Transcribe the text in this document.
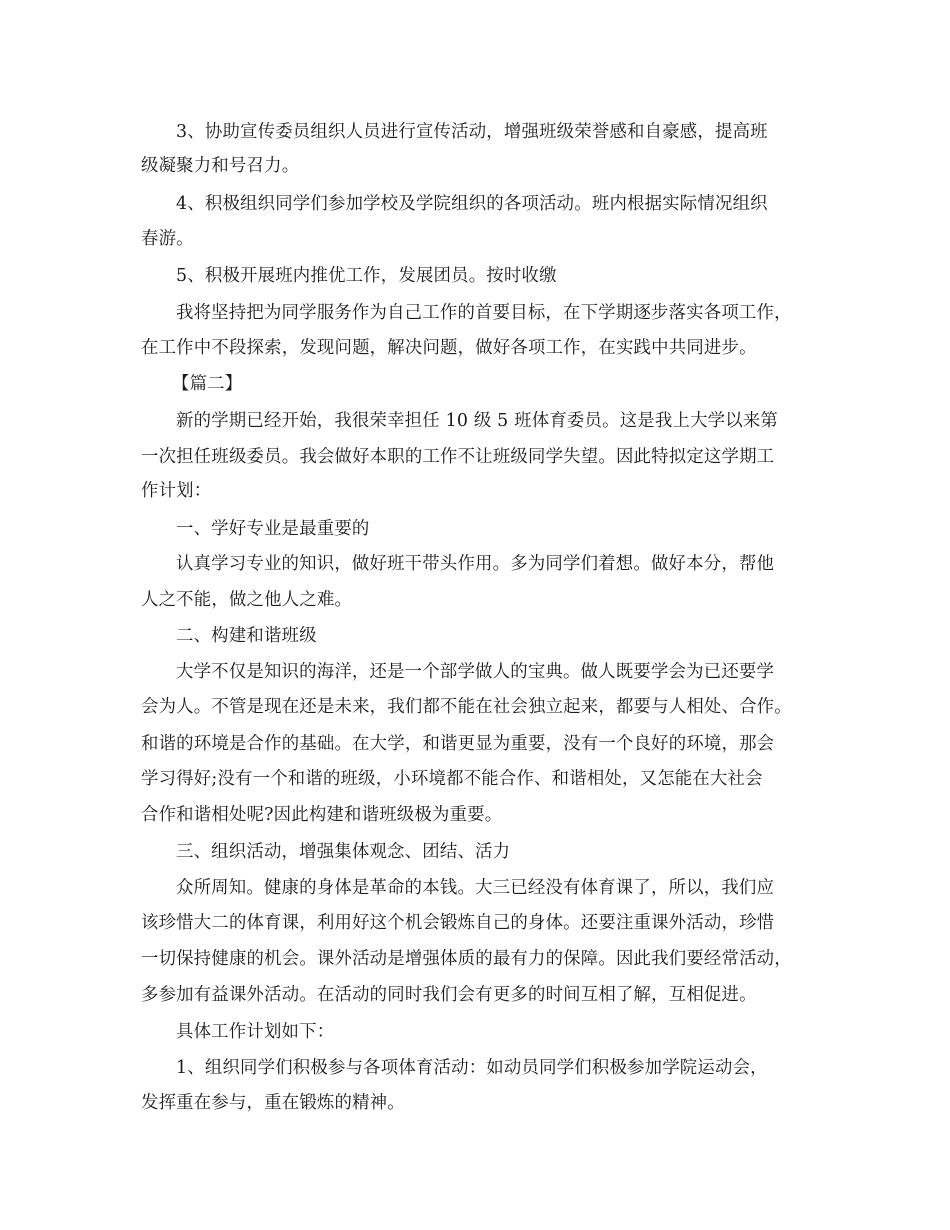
3、协助宣传委员组织人员进行宣传活动，增强班级荣誉感和自豪感，提高班
级凝聚力和号召力。
4、积极组织同学们参加学校及学院组织的各项活动。班内根据实际情况组织
春游。
5、积极开展班内推优工作，发展团员。按时收缴
我将坚持把为同学服务作为自己工作的首要目标，在下学期逐步落实各项工作，
在工作中不段探索，发现问题，解决问题，做好各项工作，在实践中共同进步。
【篇二】
新的学期已经开始，我很荣幸担任 10 级 5 班体育委员。这是我上大学以来第
一次担任班级委员。我会做好本职的工作不让班级同学失望。因此特拟定这学期工
作计划：
一、学好专业是最重要的
认真学习专业的知识，做好班干带头作用。多为同学们着想。做好本分，帮他
人之不能，做之他人之难。
二、构建和谐班级
大学不仅是知识的海洋，还是一个部学做人的宝典。做人既要学会为已还要学
会为人。不管是现在还是未来，我们都不能在社会独立起来，都要与人相处、合作。
和谐的环境是合作的基础。在大学，和谐更显为重要，没有一个良好的环境，那会
学习得好;没有一个和谐的班级，小环境都不能合作、和谐相处，又怎能在大社会
合作和谐相处呢?因此构建和谐班级极为重要。
三、组织活动，增强集体观念、团结、活力
众所周知。健康的身体是革命的本钱。大三已经没有体育课了，所以，我们应
该珍惜大二的体育课，利用好这个机会锻炼自己的身体。还要注重课外活动，珍惜
一切保持健康的机会。课外活动是增强体质的最有力的保障。因此我们要经常活动，
多参加有益课外活动。在活动的同时我们会有更多的时间互相了解，互相促进。
具体工作计划如下：
1、组织同学们积极参与各项体育活动：如动员同学们积极参加学院运动会，
发挥重在参与，重在锻炼的精神。
